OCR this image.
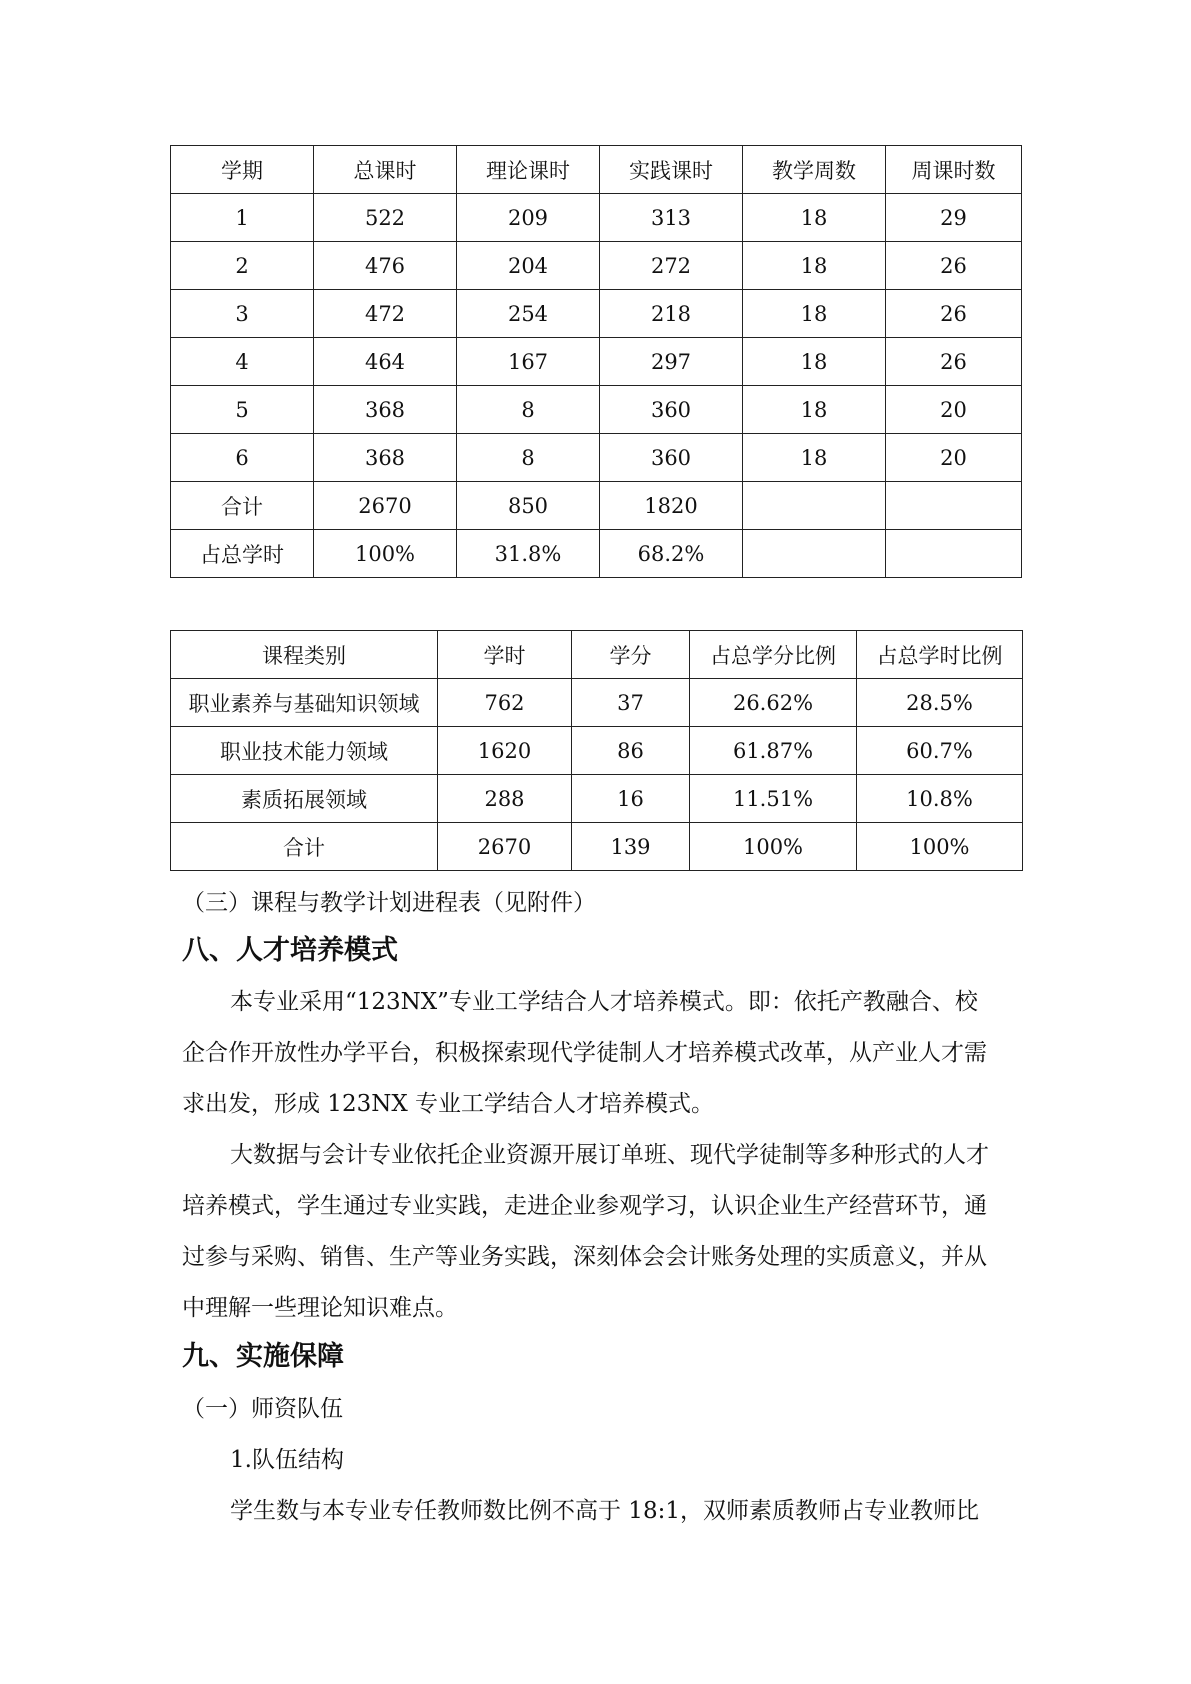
学期	总课时	理论课时	实践课时	教学周数	周课时数
1	522	209	313	18	29
2	476	204	272	18	26
3	472	254	218	18	26
4	464	167	297	18	26
5	368	8	360	18	20
6	368	8	360	18	20
合计	2670	850	1820		
占总学时	100%	31.8%	68.2%		
课程类别	学时	学分	占总学分比例	占总学时比例
职业素养与基础知识领域	762	37	26.62%	28.5%
职业技术能力领域	1620	86	61.87%	60.7%
素质拓展领域	288	16	11.51%	10.8%
合计	2670	139	100%	100%
（三）课程与教学计划进程表（见附件）
八、人才培养模式
本专业采用“123NX”专业工学结合人才培养模式。即：依托产教融合、校
企合作开放性办学平台，积极探索现代学徒制人才培养模式改革，从产业人才需
求出发，形成 123NX 专业工学结合人才培养模式。
大数据与会计专业依托企业资源开展订单班、现代学徒制等多种形式的人才
培养模式，学生通过专业实践，走进企业参观学习，认识企业生产经营环节，通
过参与采购、销售、生产等业务实践，深刻体会会计账务处理的实质意义，并从
中理解一些理论知识难点。
九、实施保障
（一）师资队伍
1.队伍结构
学生数与本专业专任教师数比例不高于 18:1，双师素质教师占专业教师比
